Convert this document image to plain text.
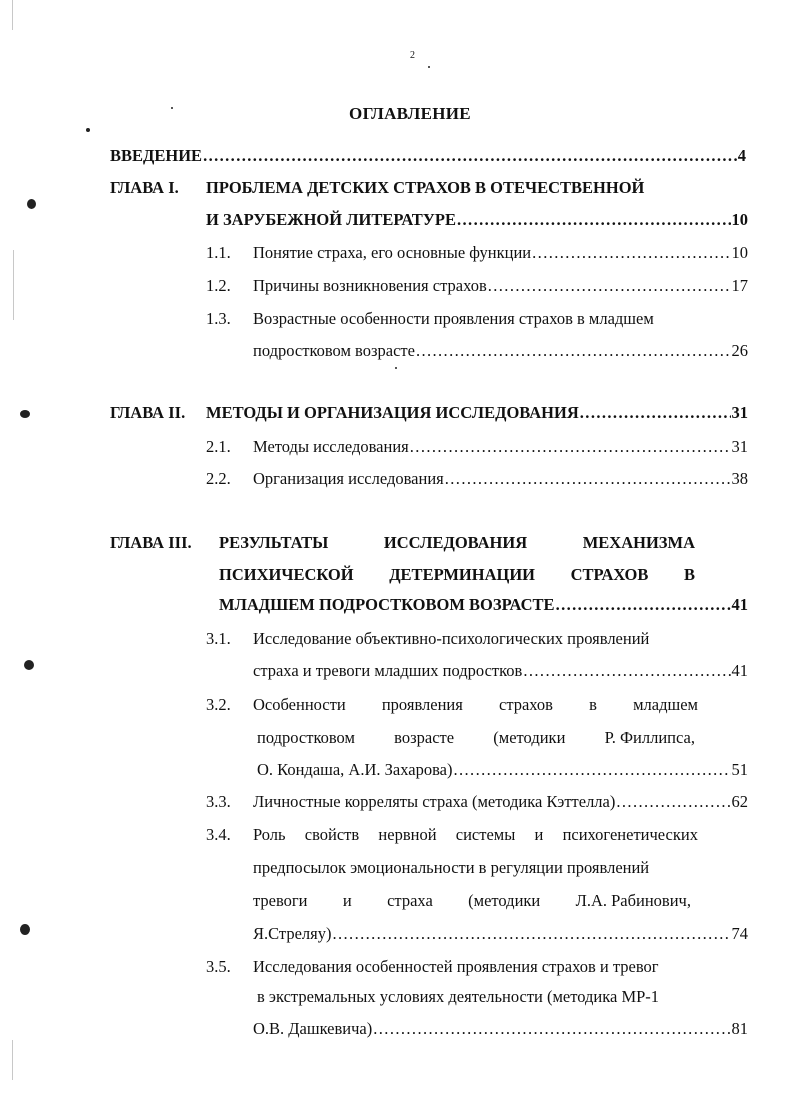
2
ОГЛАВЛЕНИЕ
ВВЕДЕНИЕ .....	4
ГЛАВА I. ПРОБЛЕМА ДЕТСКИХ СТРАХОВ В ОТЕЧЕСТВЕННОЙ
И ЗАРУБЕЖНОЙ ЛИТЕРАТУРЕ .....	10
1.1. Понятие страха, его основные функции .....	10
1.2. Причины возникновения страхов .....	17
1.3. Возрастные особенности проявления страхов в младшем
подростковом возрасте .....	26
ГЛАВА II. МЕТОДЫ И ОРГАНИЗАЦИЯ ИССЛЕДОВАНИЯ .....	31
2.1. Методы исследования .....	31
2.2. Организация исследования .....	38
ГЛАВА III. РЕЗУЛЬТАТЫ	ИССЛЕДОВАНИЯ	МЕХАНИЗМА
ПСИХИЧЕСКОЙ ДЕТЕРМИНАЦИИ СТРАХОВ В
МЛАДШЕМ ПОДРОСТКОВОМ ВОЗРАСТЕ .....	41
3.1. Исследование объективно-психологических проявлений
страха и тревоги младших подростков .....	41
3.2. Особенности проявления страхов в младшем
подростковом возрасте (методики Р. Филлипса,
О. Кондаша, А.И. Захарова) .....	51
3.3. Личностные корреляты страха (методика Кэттелла) .....	62
3.4. Роль свойств нервной системы и психогенетических
предпосылок эмоциональности в регуляции проявлений
тревоги и страха (методики Л.А. Рабинович,
Я.Стреляу) .....	74
3.5. Исследования особенностей проявления страхов и тревог
в экстремальных условиях деятельности (методика МР-1
О.В. Дашкевича) .....	81
